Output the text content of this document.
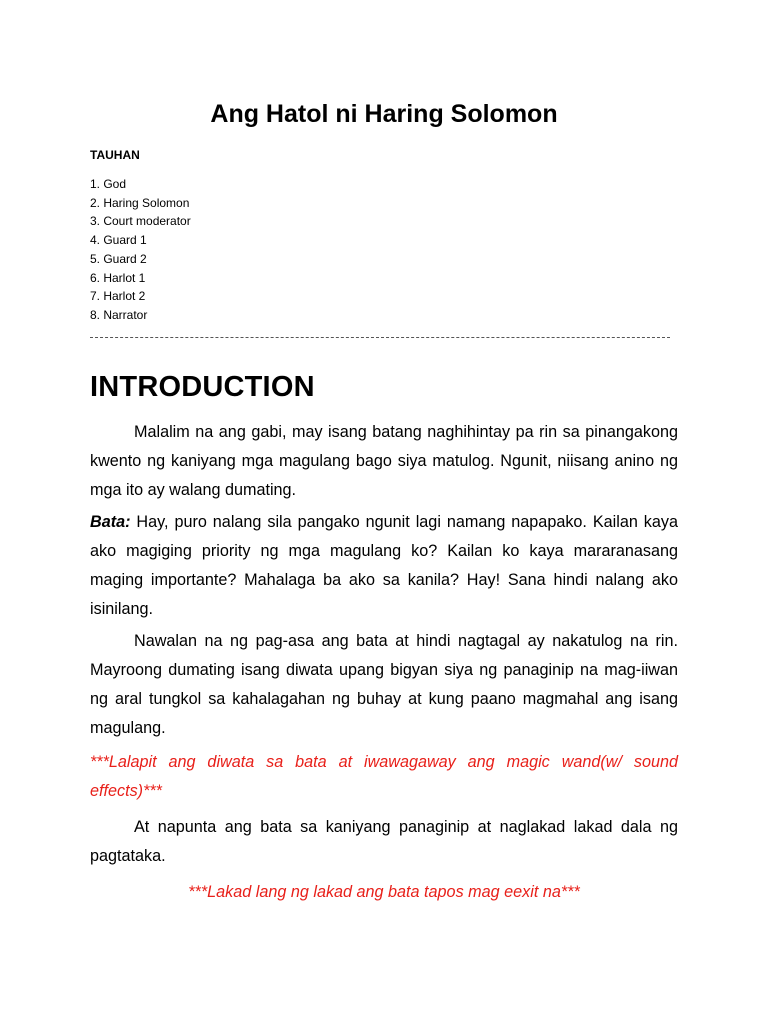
Ang Hatol ni Haring Solomon

TAUHAN

1. God
2. Haring Solomon
3. Court moderator
4. Guard 1
5. Guard 2
6. Harlot 1
7. Harlot 2
8. Narrator
INTRODUCTION

Malalim na ang gabi, may isang batang naghihintay pa rin sa pinangakong kwento ng kaniyang mga magulang bago siya matulog. Ngunit, niisang anino ng mga ito ay walang dumating.

Bata: Hay, puro nalang sila pangako ngunit lagi namang napapako. Kailan kaya ako magiging priority ng mga magulang ko? Kailan ko kaya mararanasang maging importante? Mahalaga ba ako sa kanila? Hay! Sana hindi nalang ako isinilang.

Nawalan na ng pag-asa ang bata at hindi nagtagal ay nakatulog na rin. Mayroong dumating isang diwata upang bigyan siya ng panaginip na mag-iiwan ng aral tungkol sa kahalagahan ng buhay at kung paano magmahal ang isang magulang.

***Lalapit ang diwata sa bata at iwawagaway ang magic wand(w/ sound effects)***

At napunta ang bata sa kaniyang panaginip at naglakad lakad dala ng pagtataka.

***Lakad lang ng lakad ang bata tapos mag eexit na***
